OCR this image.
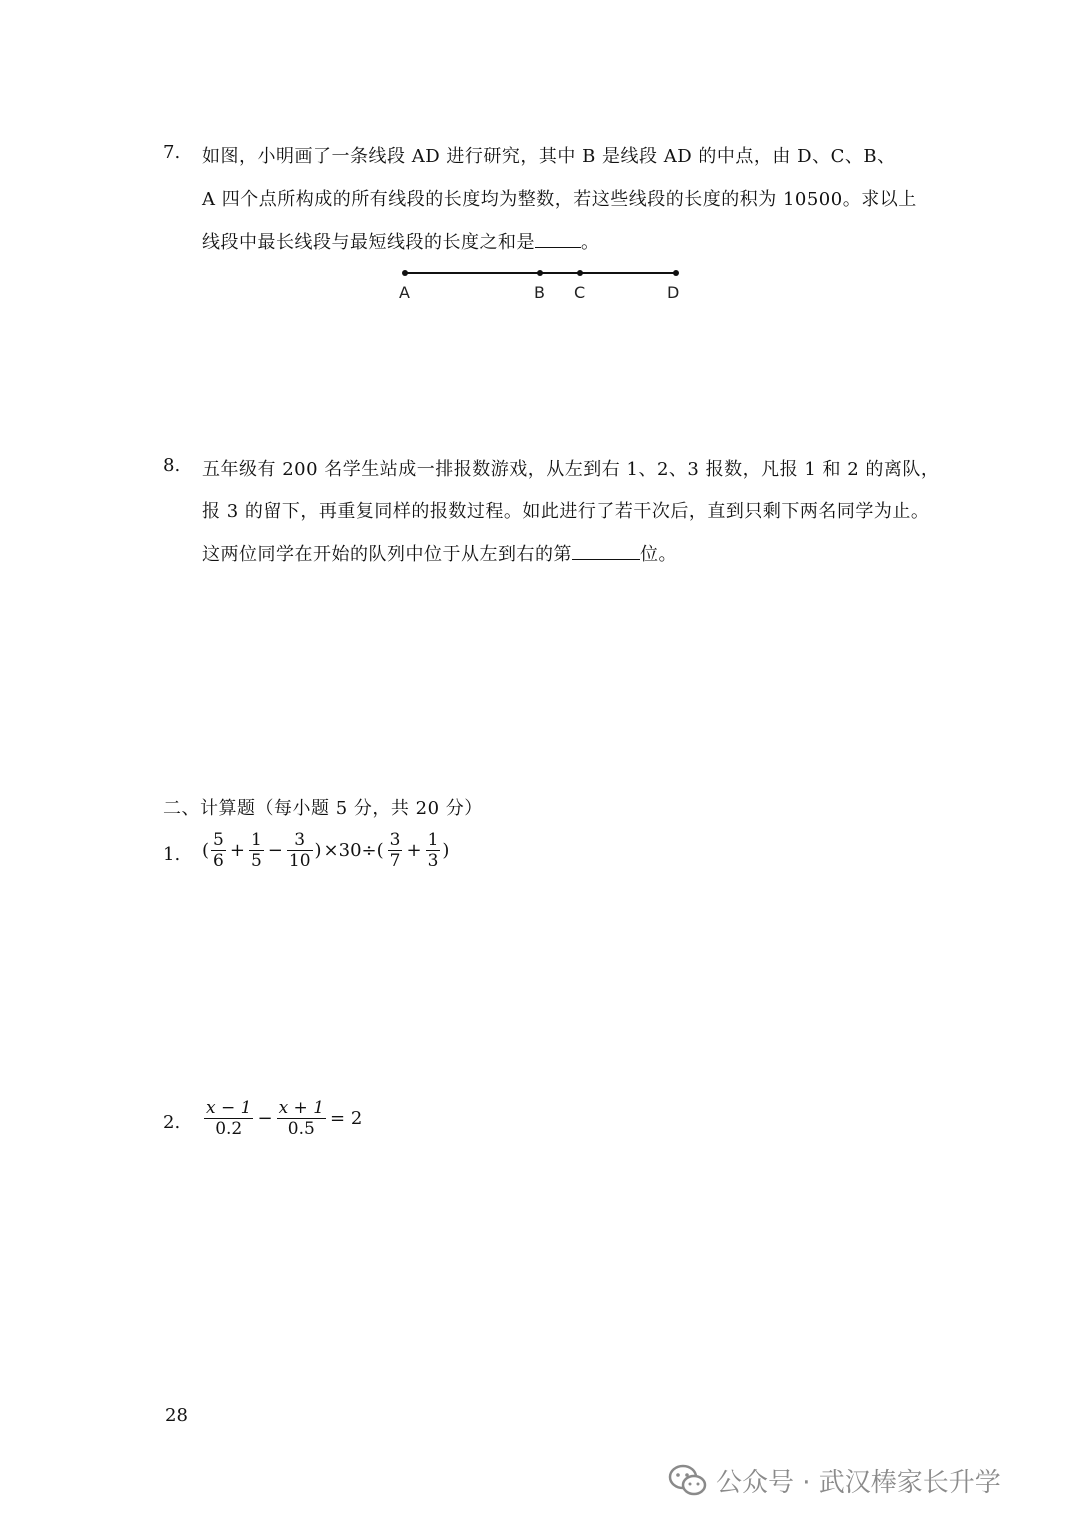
7. 如图，小明画了一条线段 AD 进行研究，其中 B 是线段 AD 的中点，由 D、C、B、
A 四个点所构成的所有线段的长度均为整数，若这些线段的长度的积为 10500。求以上
线段中最长线段与最短线段的长度之和是	。
A	B C	D
8. 五年级有 200 名学生站成一排报数游戏，从左到右 1、2、3 报数，凡报 1 和 2 的离队，
报 3 的留下，再重复同样的报数过程。如此进行了若干次后，直到只剩下两名同学为止。
这两位同学在开始的队列中位于从左到右的第	位。
二、计算题（每小题 5 分，共 20 分）
1. ( $\frac{5}{6} + \frac{1}{5} - \frac{3}{10}$ ) $\times 30\div( \frac{3}{7} + \frac{1}{3}$ )
2. $\frac{x - 1}{0.2} - \frac{x + 1}{0.5} = 2$
28
公众号 · 武汉棒家长升学
